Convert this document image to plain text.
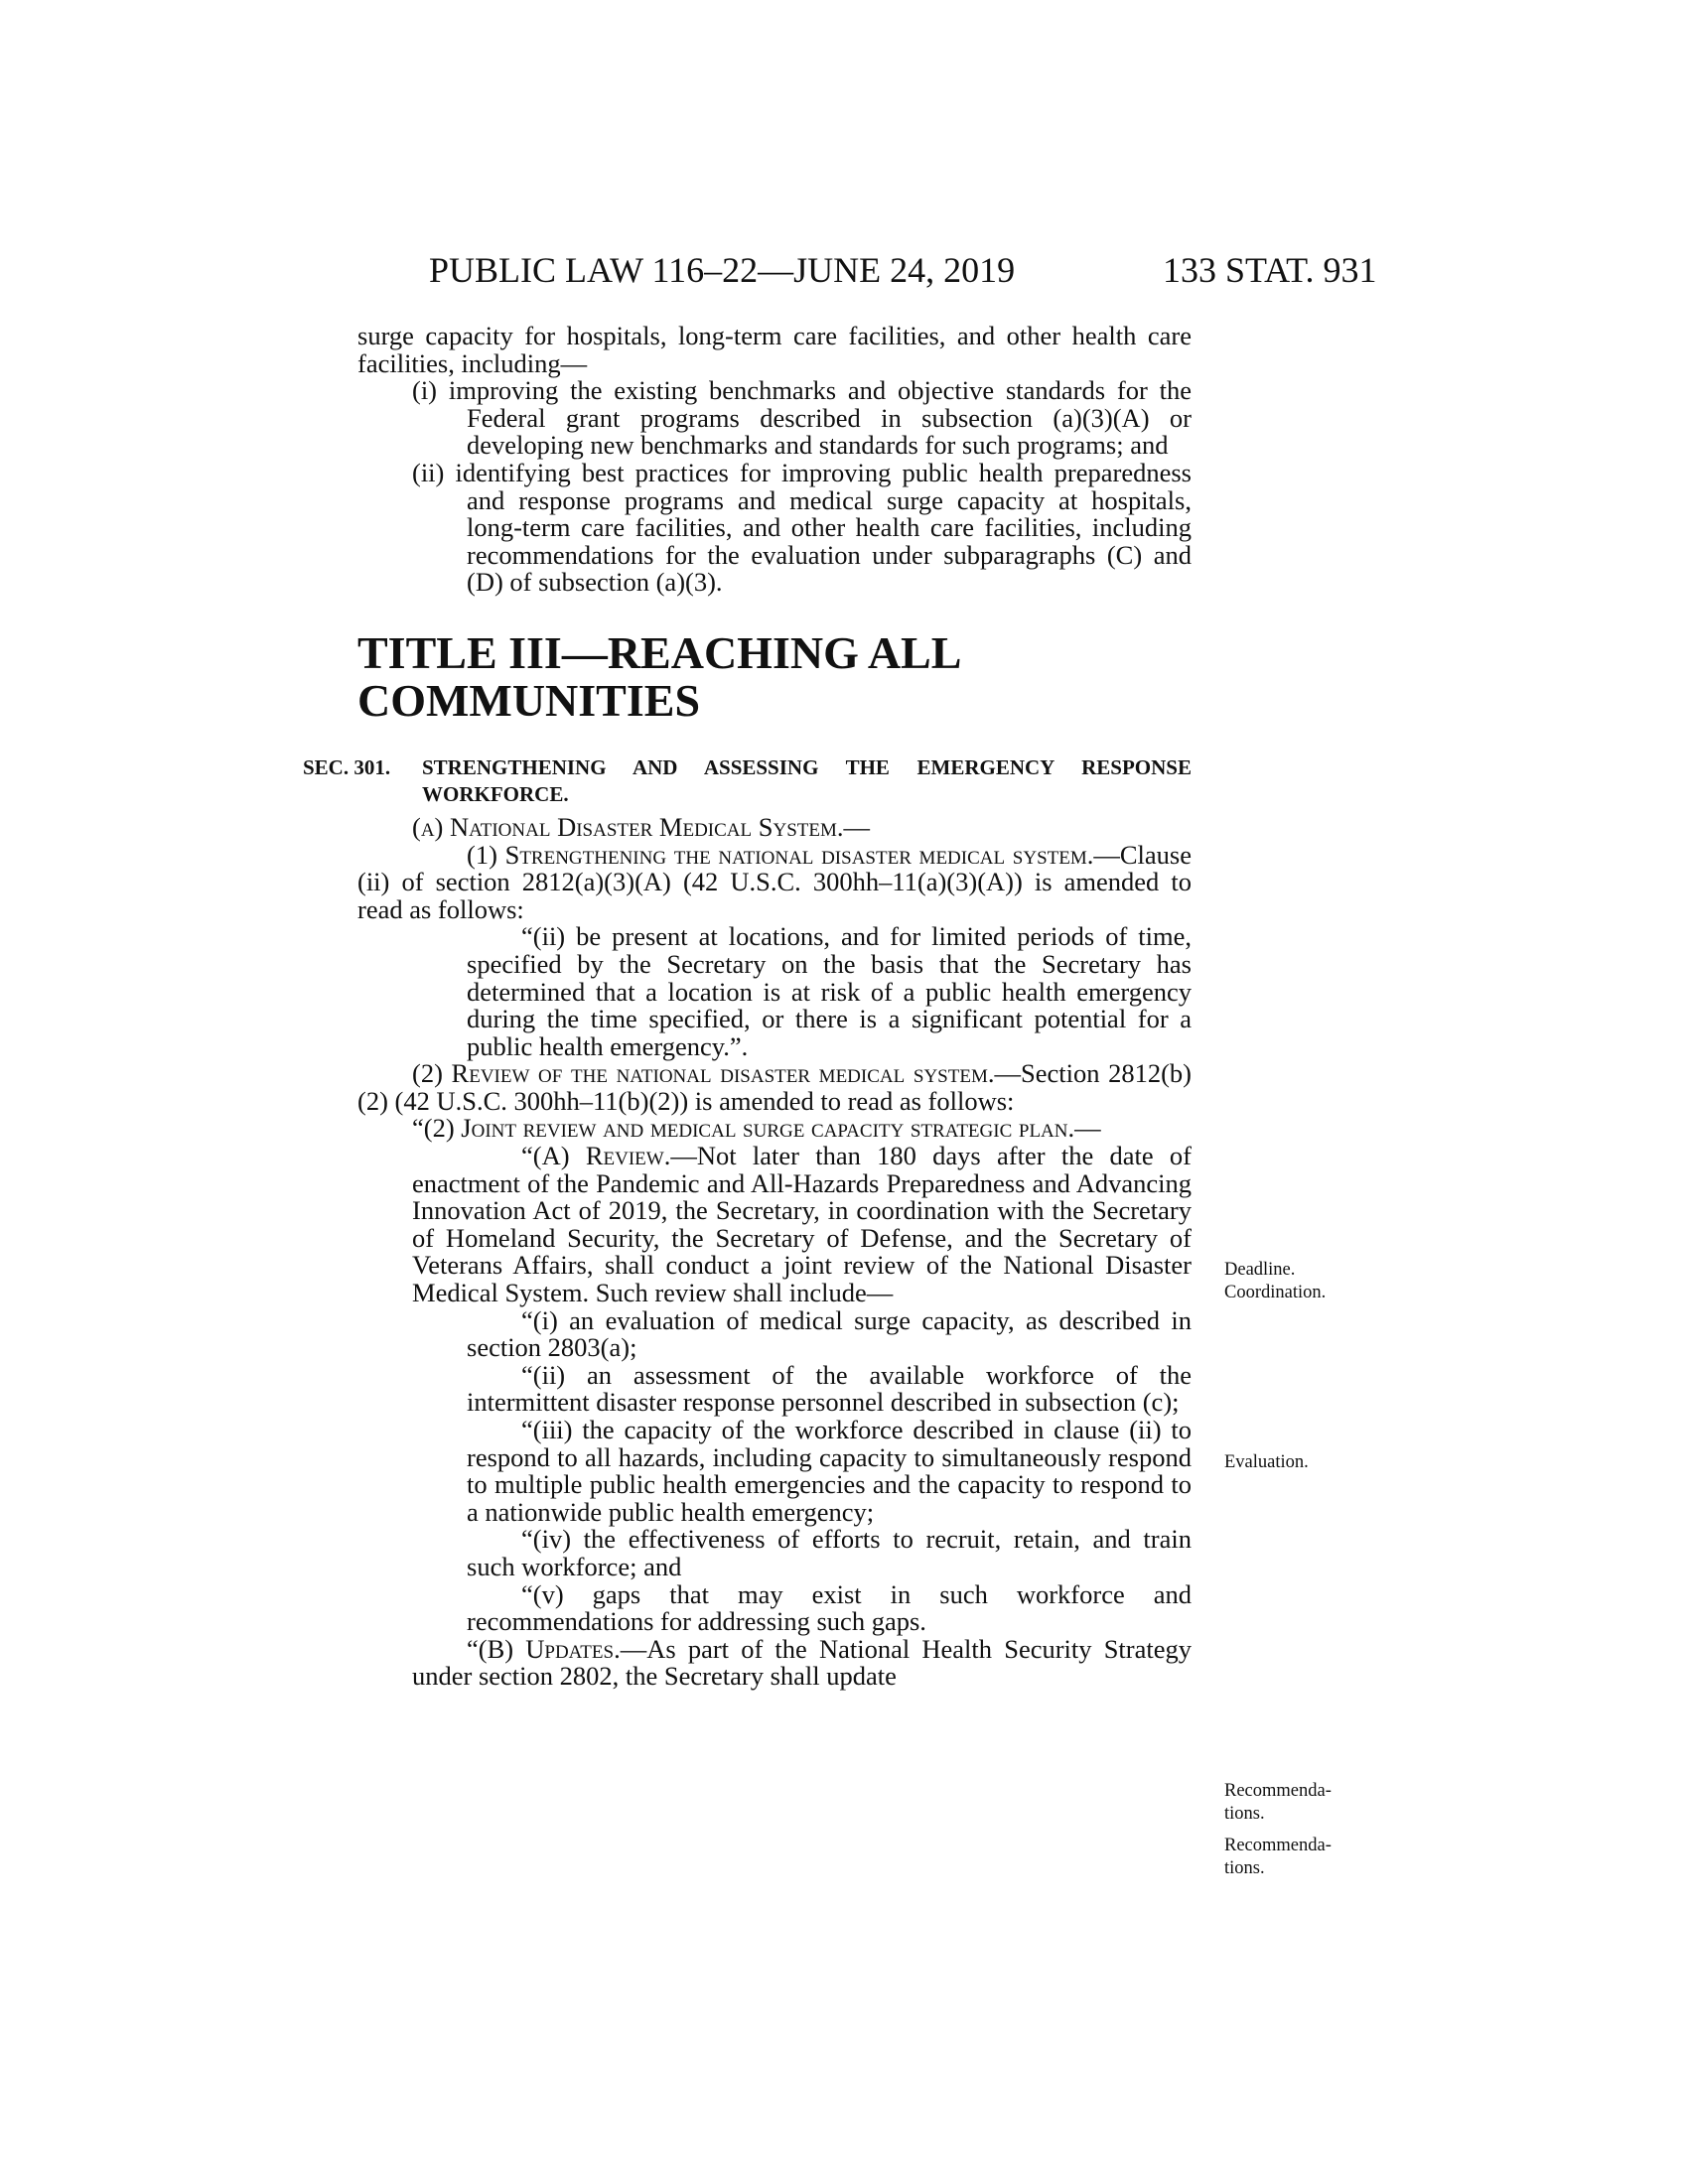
PUBLIC LAW 116–22—JUNE 24, 2019	133 STAT. 931

surge capacity for hospitals, long-term care facilities, and other health care facilities, including—

(i) improving the existing benchmarks and objective standards for the Federal grant programs described in subsection (a)(3)(A) or developing new benchmarks and standards for such programs; and

(ii) identifying best practices for improving public health preparedness and response programs and medical surge capacity at hospitals, long-term care facilities, and other health care facilities, including recommendations for the evaluation under subparagraphs (C) and (D) of subsection (a)(3).

TITLE III—REACHING ALL
COMMUNITIES

SEC. 301. STRENGTHENING AND ASSESSING THE EMERGENCY RESPONSE WORKFORCE.

(a) National Disaster Medical System.—

(1) Strengthening the national disaster medical system.—Clause (ii) of section 2812(a)(3)(A) (42 U.S.C. 300hh–11(a)(3)(A)) is amended to read as follows:

“(ii) be present at locations, and for limited periods of time, specified by the Secretary on the basis that the Secretary has determined that a location is at risk of a public health emergency during the time specified, or there is a significant potential for a public health emergency.”.

(2) Review of the national disaster medical system.—Section 2812(b)(2) (42 U.S.C. 300hh–11(b)(2)) is amended to read as follows:

“(2) Joint review and medical surge capacity strategic plan.—

“(A) Review.—Not later than 180 days after the date of enactment of the Pandemic and All-Hazards Preparedness and Advancing Innovation Act of 2019, the Secretary, in coordination with the Secretary of Homeland Security, the Secretary of Defense, and the Secretary of Veterans Affairs, shall conduct a joint review of the National Disaster Medical System. Such review shall include—

“(i) an evaluation of medical surge capacity, as described in section 2803(a);

“(ii) an assessment of the available workforce of the intermittent disaster response personnel described in subsection (c);

“(iii) the capacity of the workforce described in clause (ii) to respond to all hazards, including capacity to simultaneously respond to multiple public health emergencies and the capacity to respond to a nationwide public health emergency;

“(iv) the effectiveness of efforts to recruit, retain, and train such workforce; and

“(v) gaps that may exist in such workforce and recommendations for addressing such gaps.

“(B) Updates.—As part of the National Health Security Strategy under section 2802, the Secretary shall update

Deadline.
Coordination.
Evaluation.
Recommenda-
tions.
Recommenda-
tions.
